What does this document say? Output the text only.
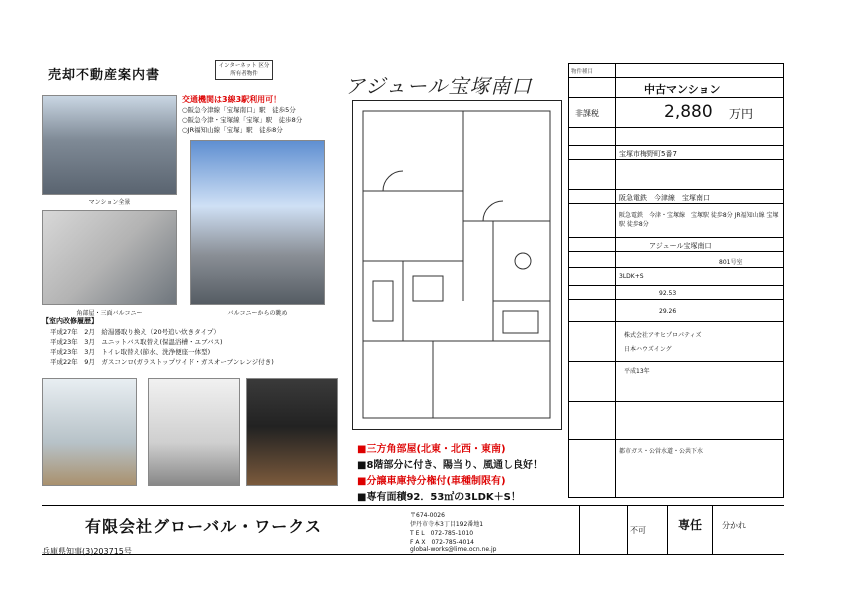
売却不動産案内書
インターネット 区分所有者物件
マンション全景
交通機関は3線3駅利用可！
○阪急今津線「宝塚南口」駅　徒歩5分
○阪急今津・宝塚線「宝塚」駅　徒歩8分
○JR福知山線「宝塚」駅　徒歩8分
バルコニーからの眺め
角部屋・三面バルコニー
【室内改修履歴】
平成27年　2月　給湯器取り換え（20号追い炊きタイプ）
平成23年　3月　ユニットバス取替え(保温浴槽・ユブバス)
平成23年　3月　トイレ取替え(節水、洗浄便座一体型)
平成22年　9月　ガスコンロ(ガラストップワイド・ガスオーブンレンジ付き)
アジュール宝塚南口
■三方角部屋(北東・北西・東南)
■8階部分に付き、陽当り、風通し良好！
■分譲車庫持分権付(車種制限有)
■専有面積92．53㎡の3LDK＋S！
物件種目
中古マンション
非課税	2,880 万円
宝塚市梅野町5番7
阪急電鉄　今津線　宝塚南口
阪急電鉄　今津・宝塚線　宝塚駅 徒歩8分 JR福知山線 宝塚駅 徒歩8分
アジュール宝塚南口
801号室
3LDK+S
92.53
29.26
株式会社アサヒプロパティズ
日本ハウズイング
平成13年
都市ガス・公営水道・公共下水
有限会社グローバル・ワークス
兵庫県知事(3)203715号
〒674-0026
伊丹市寺本3丁目192番地1
T E L　072-785-1010
F A X　072-785-4014
global-works@lime.ocn.ne.jp
不可	専任 分かれ
